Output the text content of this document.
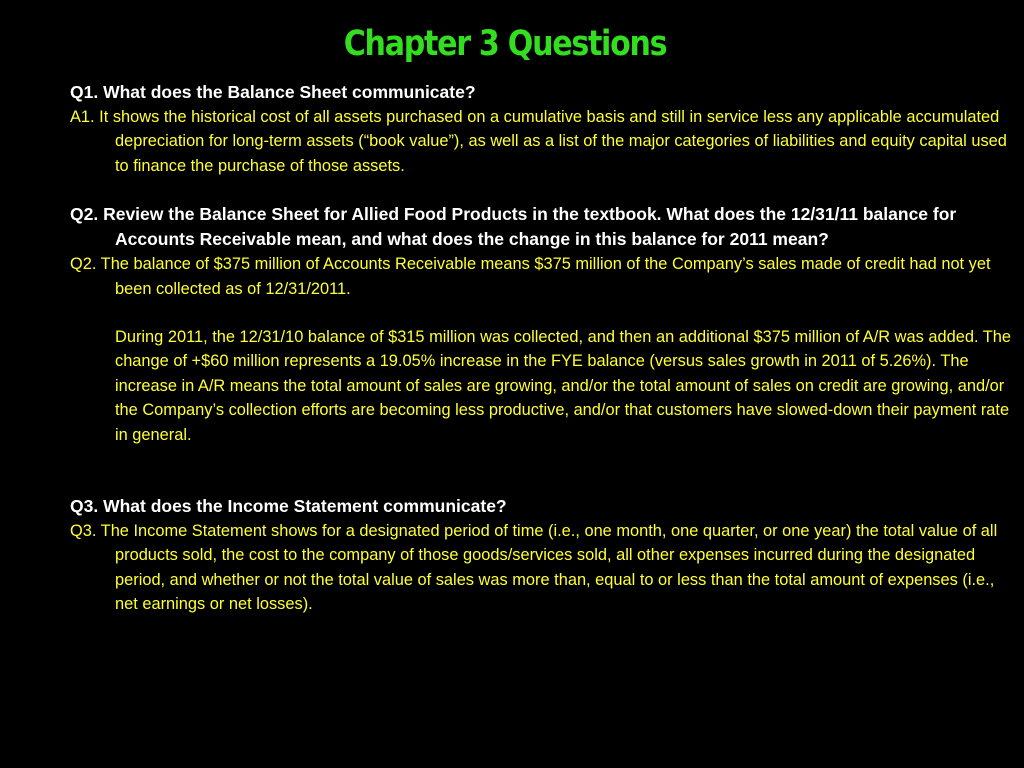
Chapter 3 Questions

Q1. What does the Balance Sheet communicate?

A1. It shows the historical cost of all assets purchased on a cumulative basis and still in service less any applicable accumulated depreciation for long-term assets (“book value”), as well as a list of the major categories of liabilities and equity capital used to finance the purchase of those assets.

Q2. Review the Balance Sheet for Allied Food Products in the textbook. What does the 12/31/11 balance for Accounts Receivable mean, and what does the change in this balance for 2011 mean?

Q2. The balance of $375 million of Accounts Receivable means $375 million of the Company’s sales made of credit had not yet been collected as of 12/31/2011.

During 2011, the 12/31/10 balance of $315 million was collected, and then an additional $375 million of A/R was added. The change of +$60 million represents a 19.05% increase in the FYE balance (versus sales growth in 2011 of 5.26%). The increase in A/R means the total amount of sales are growing, and/or the total amount of sales on credit are growing, and/or the Company’s collection efforts are becoming less productive, and/or that customers have slowed-down their payment rate in general.

Q3. What does the Income Statement communicate?

Q3. The Income Statement shows for a designated period of time (i.e., one month, one quarter, or one year) the total value of all products sold, the cost to the company of those goods/services sold, all other expenses incurred during the designated period, and whether or not the total value of sales was more than, equal to or less than the total amount of expenses (i.e., net earnings or net losses).
